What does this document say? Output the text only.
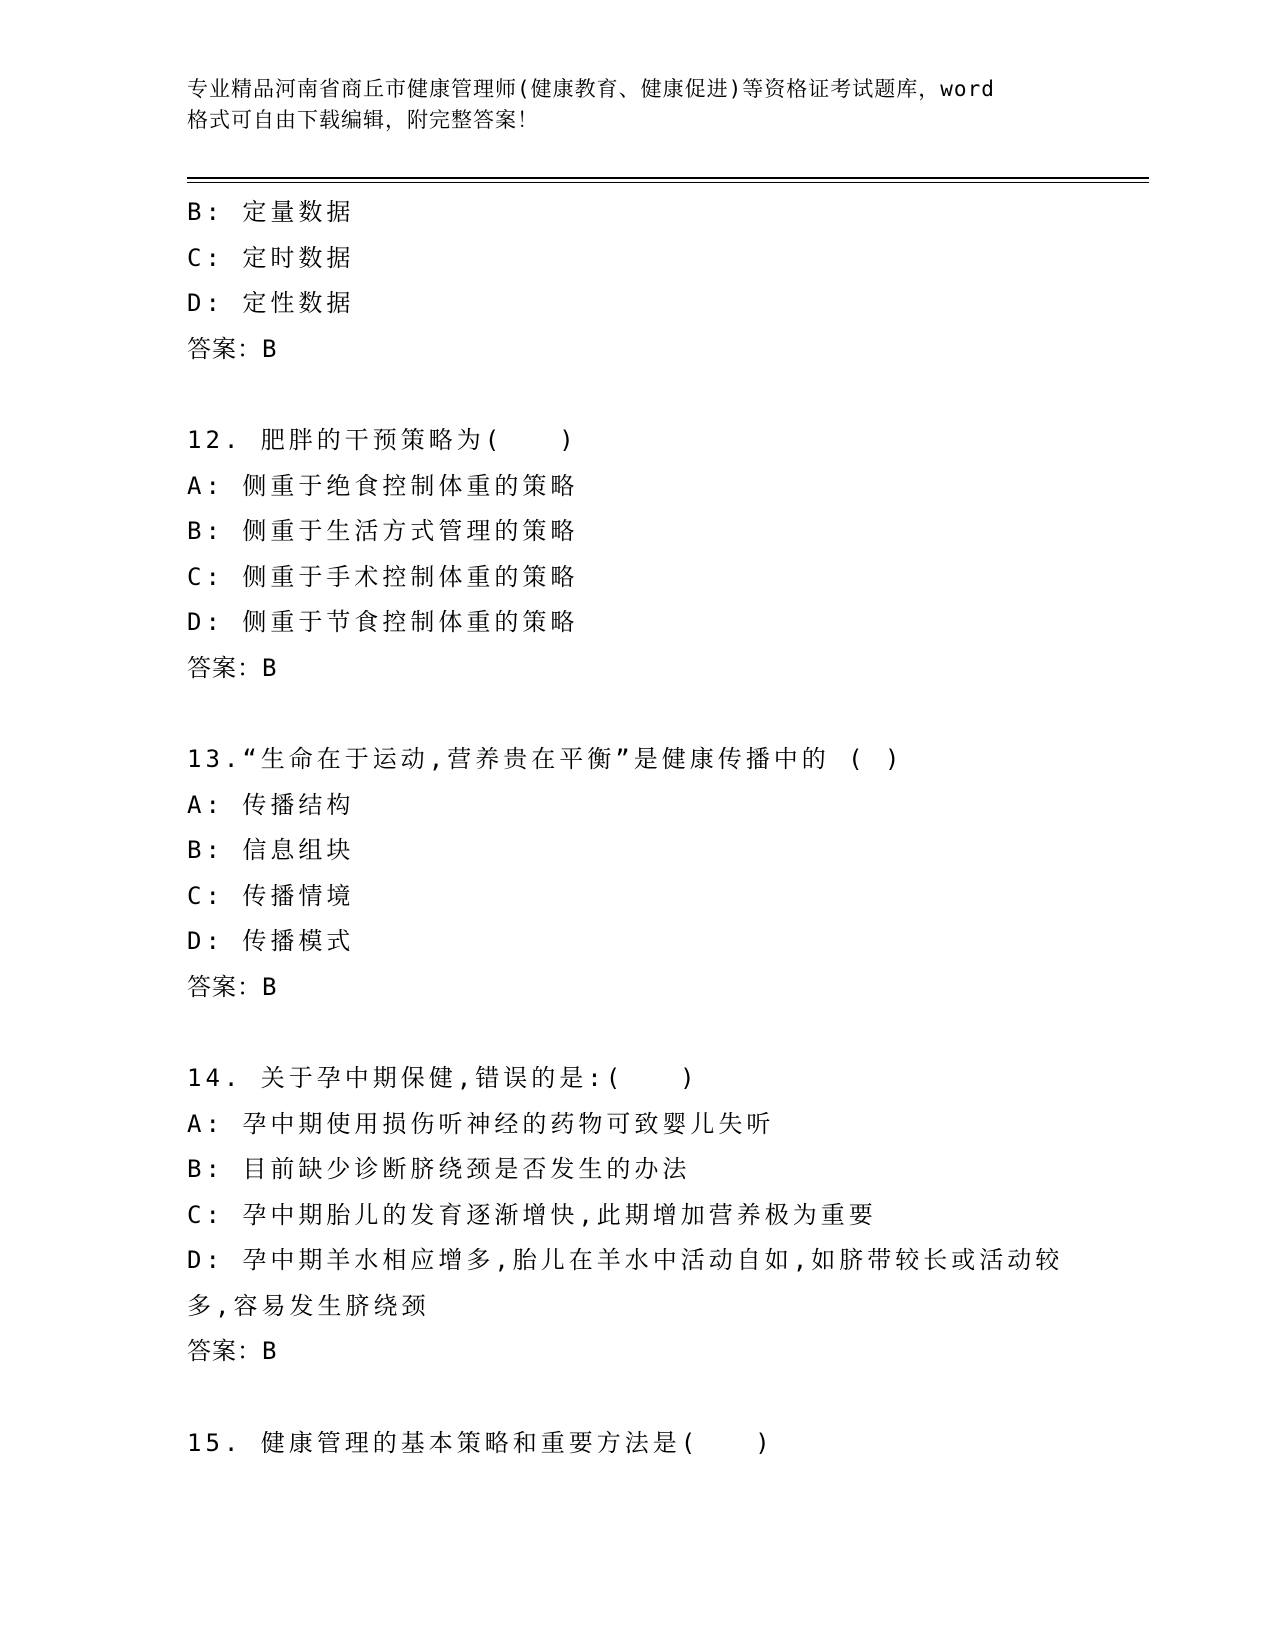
专业精品河南省商丘市健康管理师(健康教育、健康促进)等资格证考试题库，word
格式可自由下载编辑，附完整答案！

B: 定量数据

C: 定时数据

D: 定性数据

答案：B

12. 肥胖的干预策略为(　　)

A: 侧重于绝食控制体重的策略

B: 侧重于生活方式管理的策略

C: 侧重于手术控制体重的策略

D: 侧重于节食控制体重的策略

答案：B

13.“生命在于运动,营养贵在平衡”是健康传播中的 ( )

A: 传播结构

B: 信息组块

C: 传播情境

D: 传播模式

答案：B

14. 关于孕中期保健,错误的是:(　　)

A: 孕中期使用损伤听神经的药物可致婴儿失听

B: 目前缺少诊断脐绕颈是否发生的办法

C: 孕中期胎儿的发育逐渐增快,此期增加营养极为重要

D: 孕中期羊水相应增多,胎儿在羊水中活动自如,如脐带较长或活动较

多,容易发生脐绕颈

答案：B

15. 健康管理的基本策略和重要方法是(　　)
